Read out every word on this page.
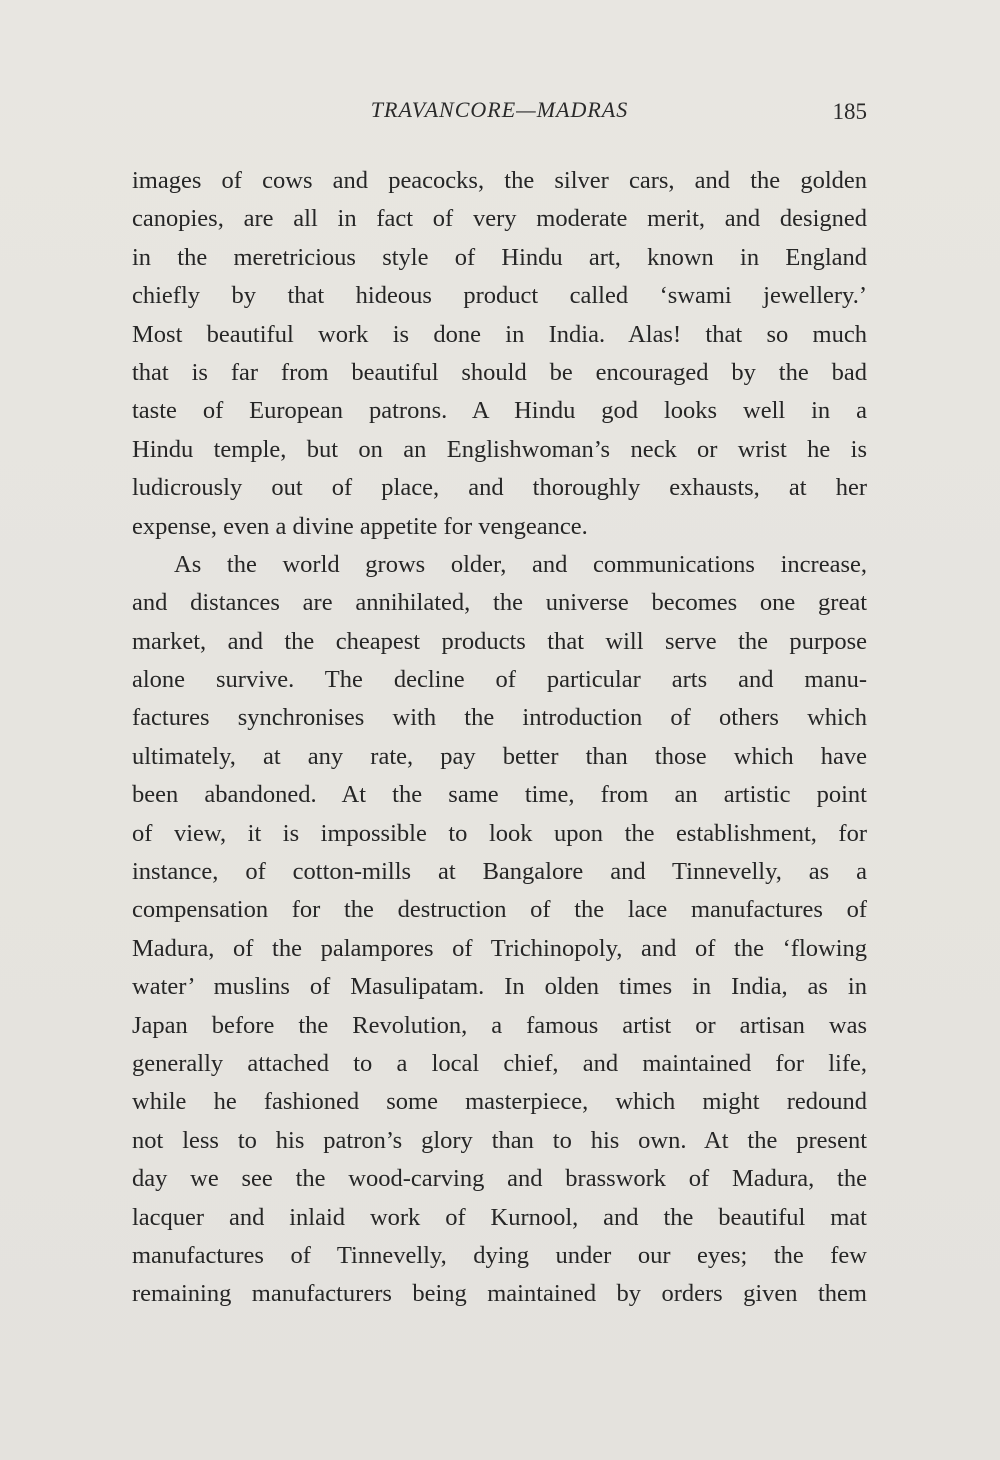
TRAVANCORE—MADRAS	185
images of cows and peacocks, the silver cars, and the golden
canopies, are all in fact of very moderate merit, and designed
in the meretricious style of Hindu art, known in England
chiefly by that hideous product called ‘swami jewellery.’
Most beautiful work is done in India. Alas! that so much
that is far from beautiful should be encouraged by the bad
taste of European patrons. A Hindu god looks well in a
Hindu temple, but on an Englishwoman’s neck or wrist he is
ludicrously out of place, and thoroughly exhausts, at her
expense, even a divine appetite for vengeance.
As the world grows older, and communications increase,
and distances are annihilated, the universe becomes one great
market, and the cheapest products that will serve the purpose
alone survive. The decline of particular arts and manu-
factures synchronises with the introduction of others which
ultimately, at any rate, pay better than those which have
been abandoned. At the same time, from an artistic point
of view, it is impossible to look upon the establishment, for
instance, of cotton-mills at Bangalore and Tinnevelly, as a
compensation for the destruction of the lace manufactures of
Madura, of the palampores of Trichinopoly, and of the ‘flowing
water’ muslins of Masulipatam. In olden times in India, as in
Japan before the Revolution, a famous artist or artisan was
generally attached to a local chief, and maintained for life,
while he fashioned some masterpiece, which might redound
not less to his patron’s glory than to his own. At the present
day we see the wood-carving and brasswork of Madura, the
lacquer and inlaid work of Kurnool, and the beautiful mat
manufactures of Tinnevelly, dying under our eyes; the few
remaining manufacturers being maintained by orders given them
